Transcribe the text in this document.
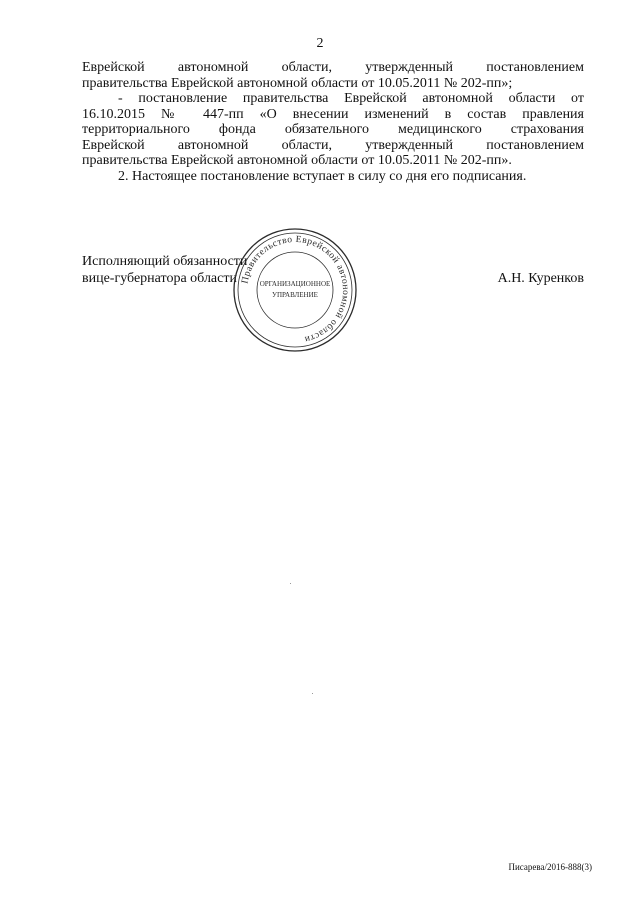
2

Еврейской автономной области, утвержденный постановлением

правительства Еврейской автономной области от 10.05.2011 № 202-пп»;

- постановление правительства Еврейской автономной области от

16.10.2015 № 447-пп «О внесении изменений в состав правления

территориального фонда обязательного медицинского страхования

Еврейской автономной области, утвержденный постановлением

правительства Еврейской автономной области от 10.05.2011 № 202-пп».

2. Настоящее постановление вступает в силу со дня его подписания.

Исполняющий обязанности
вице-губернатора области	А.Н. Куренков
Правительство Еврейской автономной области
ОРГАНИЗАЦИОННОЕ
УПРАВЛЕНИЕ
Писарева/2016-888(3)
